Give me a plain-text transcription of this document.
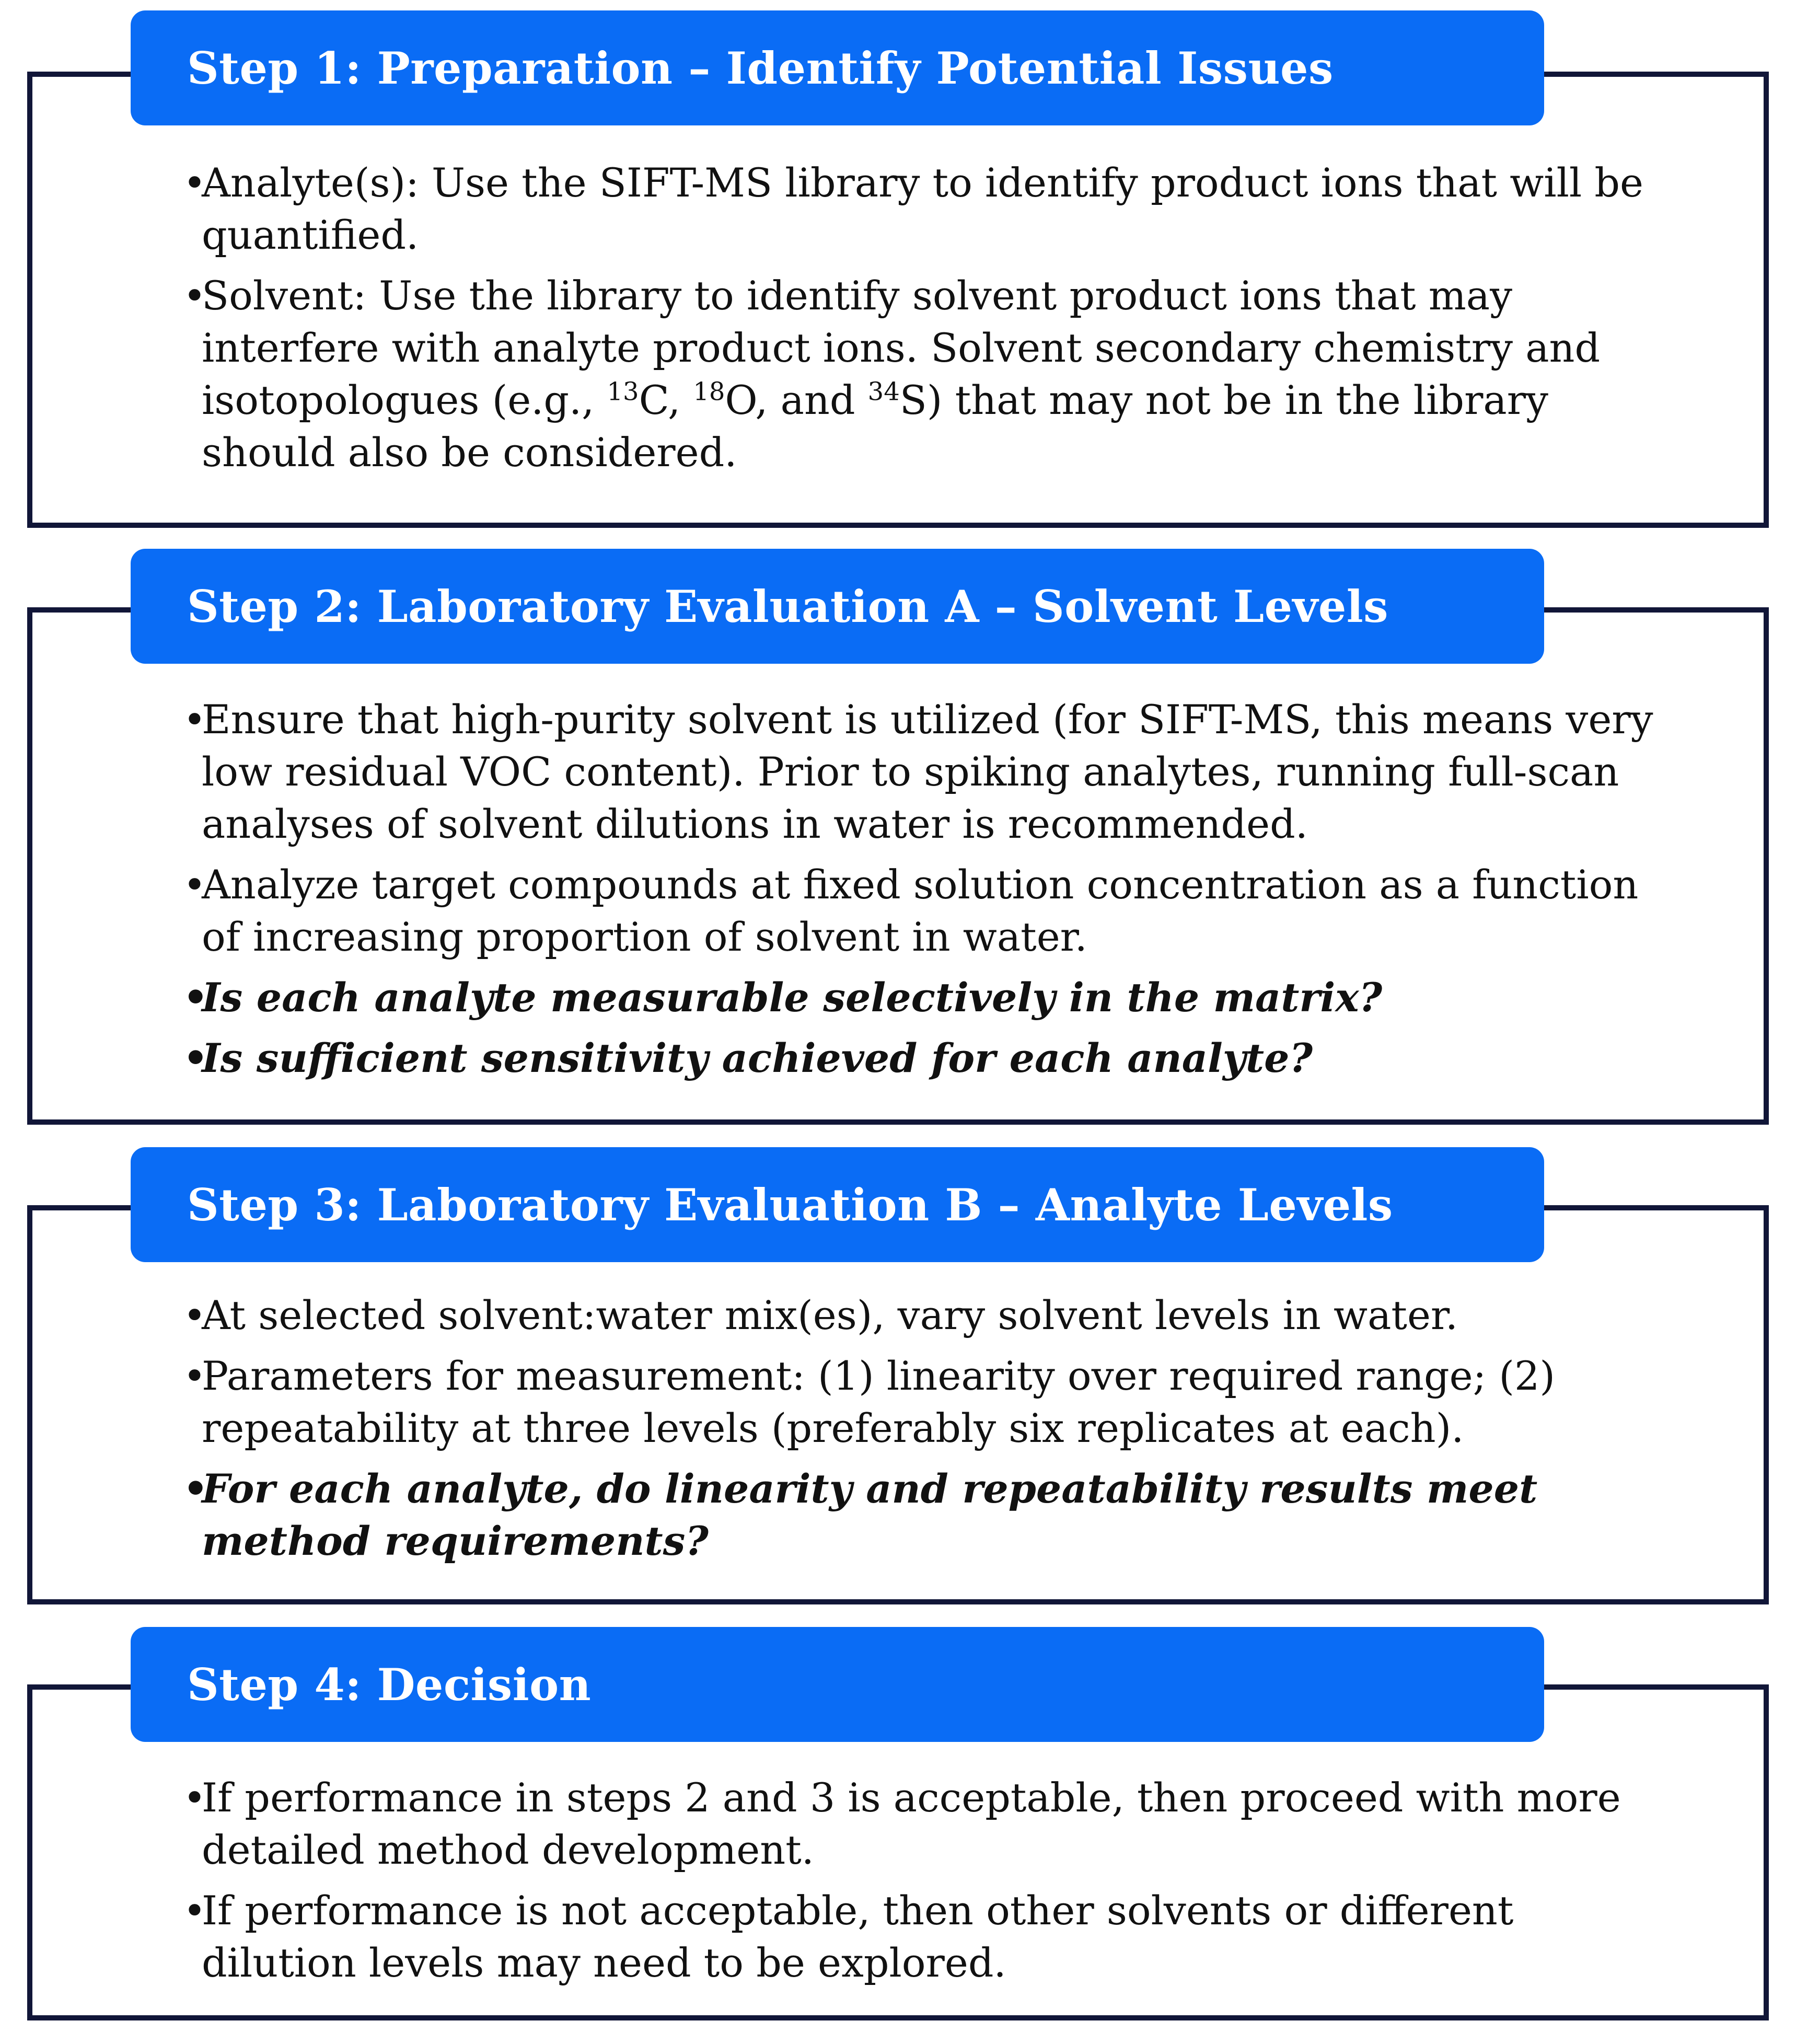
Step 1: Preparation – Identify Potential Issues
•Analyte(s): Use the SIFT-MS library to identify product ions that will be quantified.
•Solvent: Use the library to identify solvent product ions that may interfere with analyte product ions. Solvent secondary chemistry and isotopologues (e.g., $^{13}$C, $^{18}$O, and $^{34}$S) that may not be in the library should also be considered.
Step 2: Laboratory Evaluation A – Solvent Levels
•Ensure that high-purity solvent is utilized (for SIFT-MS, this means very low residual VOC content). Prior to spiking analytes, running full-scan analyses of solvent dilutions in water is recommended.
•Analyze target compounds at fixed solution concentration as a function of increasing proportion of solvent in water.
•Is each analyte measurable selectively in the matrix?
•Is sufficient sensitivity achieved for each analyte?
Step 3: Laboratory Evaluation B – Analyte Levels
•At selected solvent:water mix(es), vary solvent levels in water.
•Parameters for measurement: (1) linearity over required range; (2) repeatability at three levels (preferably six replicates at each).
•For each analyte, do linearity and repeatability results meet method requirements?
Step 4: Decision
•If performance in steps 2 and 3 is acceptable, then proceed with more detailed method development.
•If performance is not acceptable, then other solvents or different dilution levels may need to be explored.
